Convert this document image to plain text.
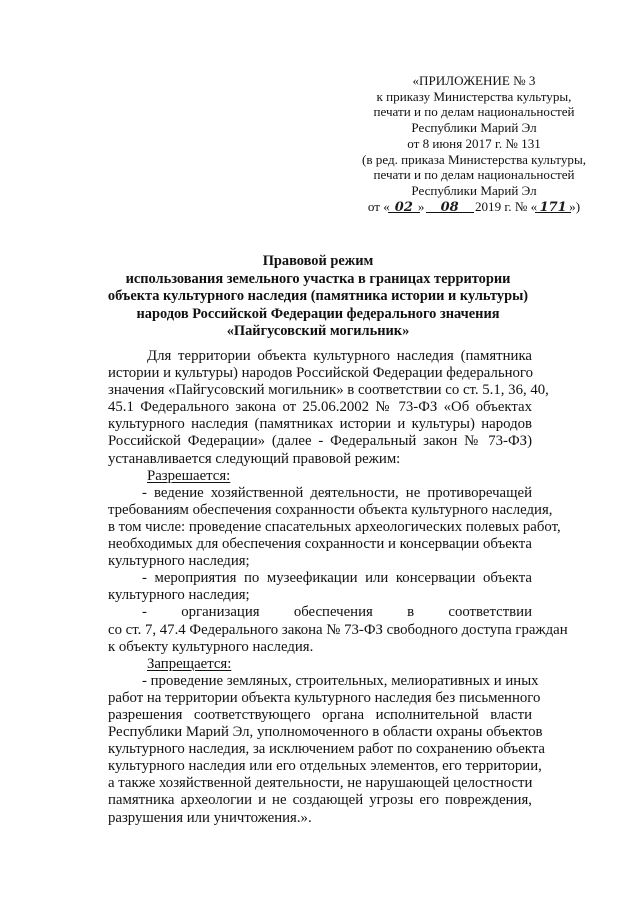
«ПРИЛОЖЕНИЕ № 3
к приказу Министерства культуры,
печати и по делам национальностей
Республики Марий Эл
от 8 июня 2017 г. № 131
(в ред. приказа Министерства культуры,
печати и по делам национальностей
Республики Марий Эл
от « 02 » 08 2019 г. № « 171 »)
Правовой режим
использования земельного участка в границах территории
объекта культурного наследия (памятника истории и культуры)
народов Российской Федерации федерального значения
«Пайгусовский могильник»
Для территории объекта культурного наследия (памятника
истории и культуры) народов Российской Федерации федерального
значения «Пайгусовский могильник» в соответствии со ст. 5.1, 36, 40,
45.1 Федерального закона от 25.06.2002 № 73-ФЗ «Об объектах
культурного наследия (памятниках истории и культуры) народов
Российской Федерации» (далее - Федеральный закон № 73-ФЗ)
устанавливается следующий правовой режим:
Разрешается:
- ведение хозяйственной деятельности, не противоречащей
требованиям обеспечения сохранности объекта культурного наследия,
в том числе: проведение спасательных археологических полевых работ,
необходимых для обеспечения сохранности и консервации объекта
культурного наследия;
- мероприятия по музеефикации или консервации объекта
культурного наследия;
- организация обеспечения в соответствии
со ст. 7, 47.4 Федерального закона № 73-ФЗ свободного доступа граждан
к объекту культурного наследия.
Запрещается:
- проведение земляных, строительных, мелиоративных и иных
работ на территории объекта культурного наследия без письменного
разрешения соответствующего органа исполнительной власти
Республики Марий Эл, уполномоченного в области охраны объектов
культурного наследия, за исключением работ по сохранению объекта
культурного наследия или его отдельных элементов, его территории,
а также хозяйственной деятельности, не нарушающей целостности
памятника археологии и не создающей угрозы его повреждения,
разрушения или уничтожения.».
